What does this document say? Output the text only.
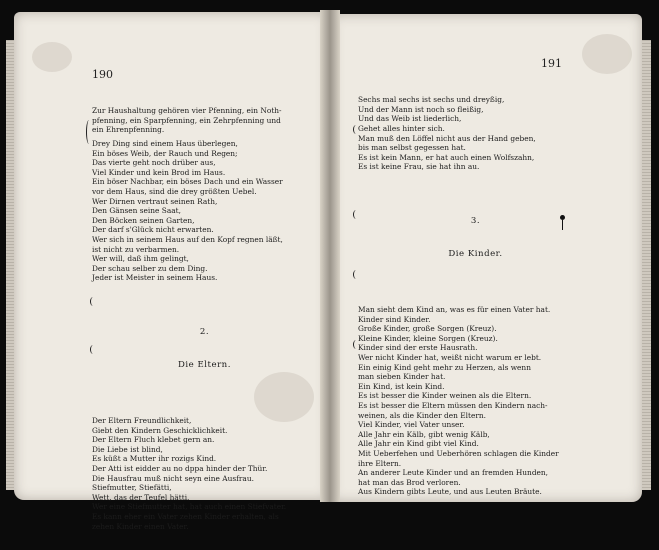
190

Zur Haushaltung gehören vier Pfenning, ein Noth-
pfenning, ein Sparpfenning, ein Zehrpfenning und
ein Ehrenpfenning.
Drey Ding sind einem Haus überlegen,
Ein böses Weib, der Rauch und Regen;
Das vierte geht noch drüber aus,
Viel Kinder und kein Brod im Haus.
Ein böser Nachbar, ein böses Dach und ein Wasser
vor dem Haus, sind die drey größten Uebel.
Wer Dirnen vertraut seinen Rath,
Den Gänsen seine Saat,
Den Böcken seinen Garten,
Der darf s'Glück nicht erwarten.
Wer sich in seinem Haus auf den Kopf regnen läßt,
ist nicht zu verbarmen.
Wer will, daß ihm gelingt,
Der schau selber zu dem Ding.
Jeder ist Meister in seinem Haus.

2.

Die Eltern.

Der Eltern Freundlichkeit,
Giebt den Kindern Geschicklichkeit.
Der Eltern Fluch klebet gern an.
Die Liebe ist blind,
Es küßt a Mutter ihr rozigs Kind.
Der Atti ist eidder au no dppa hinder der Thür.
Die Hausfrau muß nicht seyn eine Ausfrau.
Stiefmutter, Stiefätti,
Wett, das der Teufel hätti.
Wer eine Stiefmutter hat, hat auch einen Stiefvater.
Es kann eher ein Vater zehen Kinder erhalten, als
zehen Kinder einen Vater.

191

Sechs mal sechs ist sechs und dreyßig,
Und der Mann ist noch so fleißig,
Und das Weib ist liederlich,
Gehet alles hinter sich.
Man muß den Löffel nicht aus der Hand geben,
bis man selbst gegessen hat.
Es ist kein Mann, er hat auch einen Wolfszahn,
Es ist keine Frau, sie hat ihn au.

3.

Die Kinder.

Man sieht dem Kind an, was es für einen Vater hat.
Kinder sind Kinder.
Große Kinder, große Sorgen (Kreuz).
Kleine Kinder, kleine Sorgen (Kreuz).
Kinder sind der erste Hausrath.
Wer nicht Kinder hat, weißt nicht warum er lebt.
Ein einig Kind geht mehr zu Herzen, als wenn
man sieben Kinder hat.
Ein Kind, ist kein Kind.
Es ist besser die Kinder weinen als die Eltern.
Es ist besser die Eltern müssen den Kindern nach-
weinen, als die Kinder den Eltern.
Viel Kinder, viel Vater unser.
Alle Jahr ein Kälb, gibt wenig Kälb,
Alle Jahr ein Kind gibt viel Kind.
Mit Ueberfehen und Ueberhören schlagen die Kinder
ihre Eltern.
An anderer Leute Kinder und an fremden Hunden,
hat man das Brod verloren.
Aus Kindern gibts Leute, und aus Leuten Bräute.
